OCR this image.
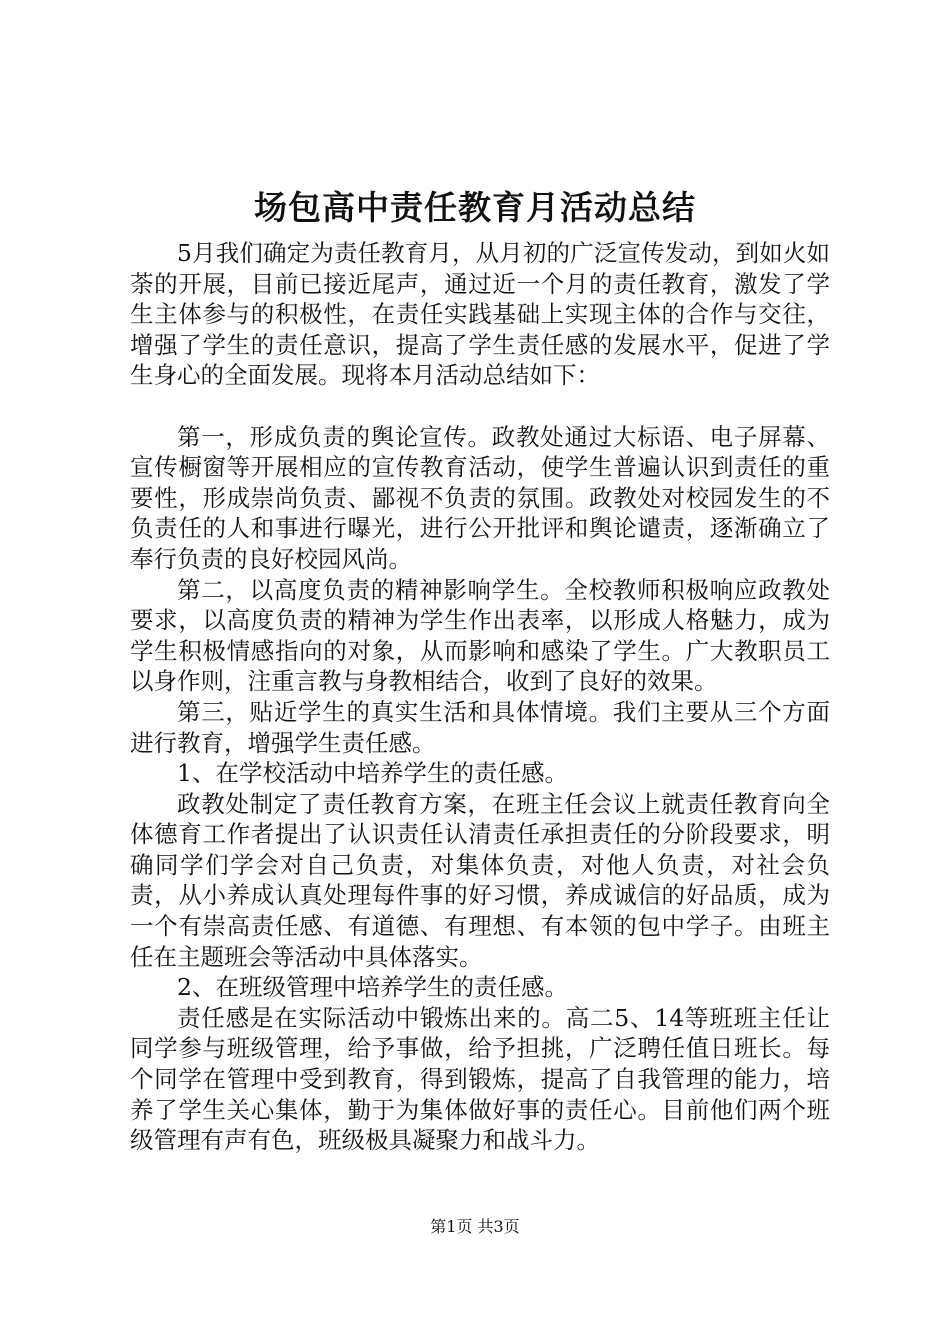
场包高中责任教育月活动总结

5月我们确定为责任教育月，从月初的广泛宣传发动，到如火如荼的开展，目前已接近尾声，通过近一个月的责任教育，激发了学生主体参与的积极性，在责任实践基础上实现主体的合作与交往，增强了学生的责任意识，提高了学生责任感的发展水平，促进了学生身心的全面发展。现将本月活动总结如下：

第一，形成负责的舆论宣传。政教处通过大标语、电子屏幕、宣传橱窗等开展相应的宣传教育活动，使学生普遍认识到责任的重要性，形成崇尚负责、鄙视不负责的氛围。政教处对校园发生的不负责任的人和事进行曝光，进行公开批评和舆论谴责，逐渐确立了奉行负责的良好校园风尚。

第二，以高度负责的精神影响学生。全校教师积极响应政教处要求，以高度负责的精神为学生作出表率，以形成人格魅力，成为学生积极情感指向的对象，从而影响和感染了学生。广大教职员工以身作则，注重言教与身教相结合，收到了良好的效果。

第三，贴近学生的真实生活和具体情境。我们主要从三个方面进行教育，增强学生责任感。

1、在学校活动中培养学生的责任感。

政教处制定了责任教育方案，在班主任会议上就责任教育向全体德育工作者提出了认识责任认清责任承担责任的分阶段要求，明确同学们学会对自己负责，对集体负责，对他人负责，对社会负责，从小养成认真处理每件事的好习惯，养成诚信的好品质，成为一个有崇高责任感、有道德、有理想、有本领的包中学子。由班主任在主题班会等活动中具体落实。

2、在班级管理中培养学生的责任感。

责任感是在实际活动中锻炼出来的。高二5、14等班班主任让同学参与班级管理，给予事做，给予担挑，广泛聘任值日班长。每个同学在管理中受到教育，得到锻炼，提高了自我管理的能力，培养了学生关心集体，勤于为集体做好事的责任心。目前他们两个班级管理有声有色，班级极具凝聚力和战斗力。

第1页 共3页
